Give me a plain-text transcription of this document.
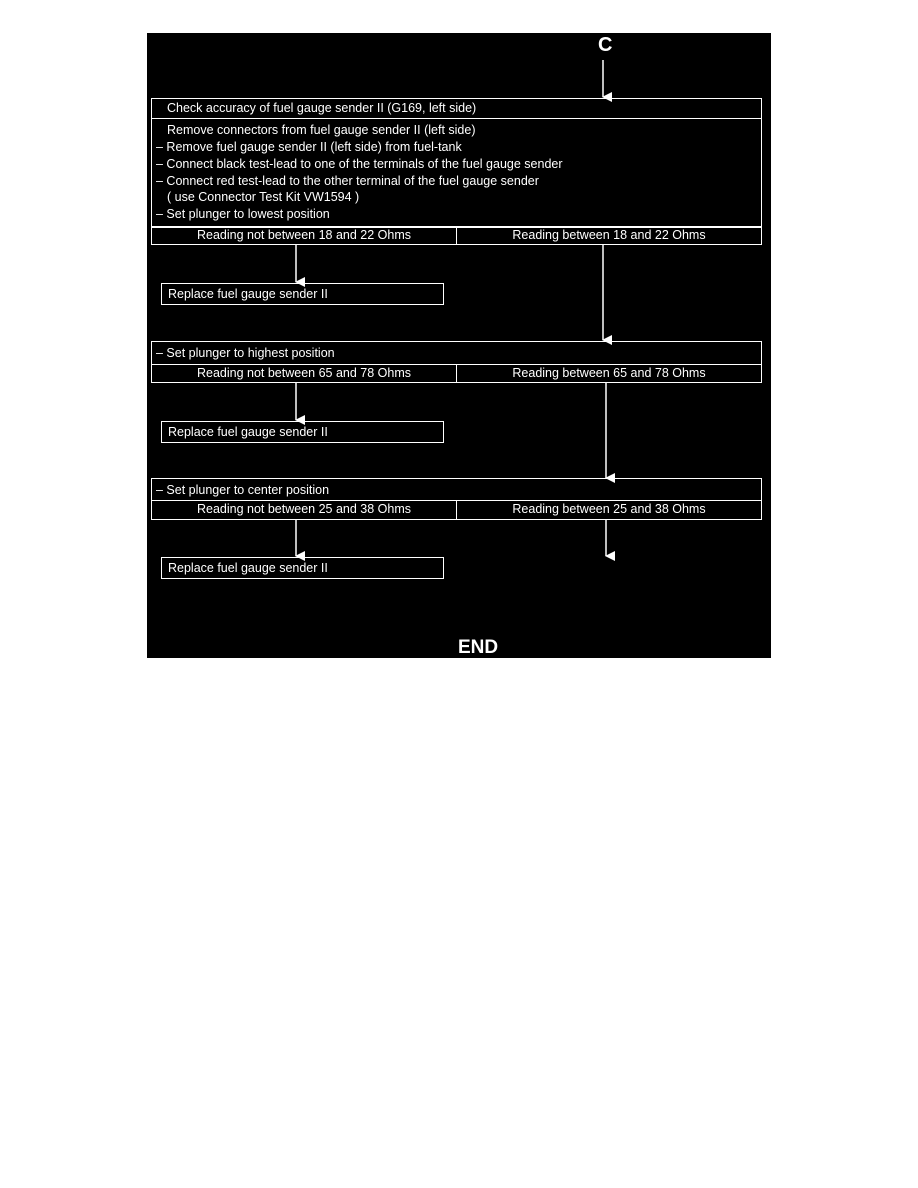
C
Check accuracy of fuel gauge sender II (G169, left side)
Remove connectors from fuel gauge sender II (left side)
– Remove fuel gauge sender II (left side) from fuel-tank
– Connect black test-lead to one of the terminals of the fuel gauge sender
– Connect red test-lead to the other terminal of the fuel gauge sender
( use Connector Test Kit VW1594 )
– Set plunger to lowest position
Reading not between 18 and 22 Ohms	Reading between 18 and 22 Ohms
Replace fuel gauge sender II
– Set plunger to highest position
Reading not between 65 and 78 Ohms	Reading between 65 and 78 Ohms
Replace fuel gauge sender II
– Set plunger to center position
Reading not between 25 and 38 Ohms	Reading between 25 and 38 Ohms
Replace fuel gauge sender II
END
